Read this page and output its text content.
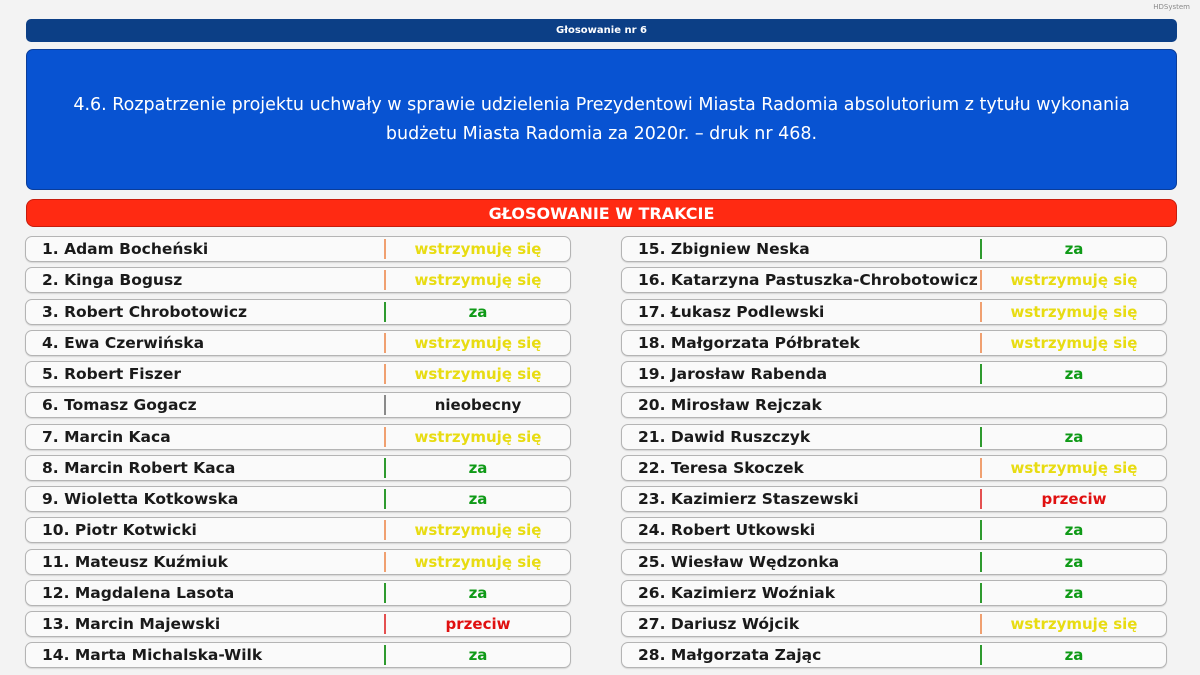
HDSystem
Głosowanie nr 6
4.6. Rozpatrzenie projektu uchwały w sprawie udzielenia Prezydentowi Miasta Radomia absolutorium z tytułu wykonania
budżetu Miasta Radomia za 2020r. – druk nr 468.
GŁOSOWANIE W TRAKCIE
1. Adam Bocheński	wstrzymuję się
2. Kinga Bogusz	wstrzymuję się
3. Robert Chrobotowicz	za
4. Ewa Czerwińska	wstrzymuję się
5. Robert Fiszer	wstrzymuję się
6. Tomasz Gogacz	nieobecny
7. Marcin Kaca	wstrzymuję się
8. Marcin Robert Kaca	za
9. Wioletta Kotkowska	za
10. Piotr Kotwicki	wstrzymuję się
11. Mateusz Kuźmiuk	wstrzymuję się
12. Magdalena Lasota	za
13. Marcin Majewski	przeciw
14. Marta Michalska-Wilk	za
15. Zbigniew Neska	za
16. Katarzyna Pastuszka-Chrobotowicz	wstrzymuję się
17. Łukasz Podlewski	wstrzymuję się
18. Małgorzata Półbratek	wstrzymuję się
19. Jarosław Rabenda	za
20. Mirosław Rejczak
21. Dawid Ruszczyk	za
22. Teresa Skoczek	wstrzymuję się
23. Kazimierz Staszewski	przeciw
24. Robert Utkowski	za
25. Wiesław Wędzonka	za
26. Kazimierz Woźniak	za
27. Dariusz Wójcik	wstrzymuję się
28. Małgorzata Zając	za
